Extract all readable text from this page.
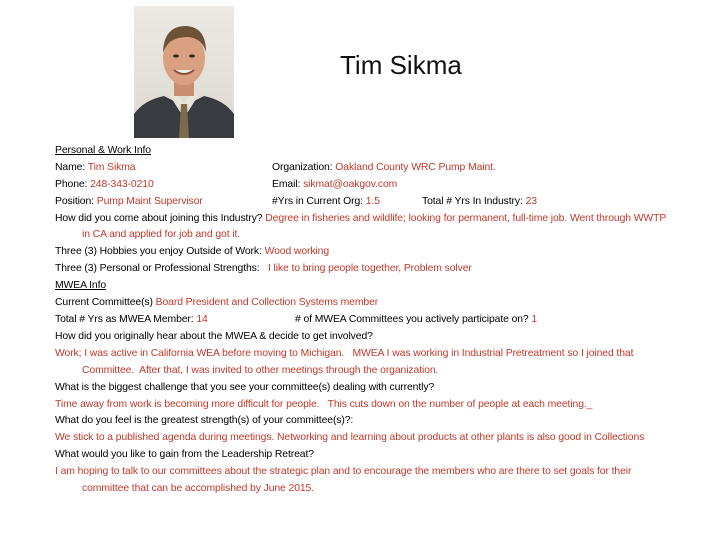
Tim Sikma
Personal & Work Info
Name: Tim Sikma	Organization: Oakland County WRC Pump Maint.
Phone: 248-343-0210	Email: sikmat@oakgov.com
Position: Pump Maint Supervisor	#Yrs in Current Org: 1.5	Total # Yrs In Industry: 23
How did you come about joining this Industry? Degree in fisheries and wildlife; looking for permanent, full-time job. Went through WWTP in CA and applied for job and got it.
Three (3) Hobbies you enjoy Outside of Work: Wood working
Three (3) Personal or Professional Strengths:   I like to bring people together, Problem solver
MWEA Info
Current Committee(s) Board President and Collection Systems member
Total # Yrs as MWEA Member: 14	# of MWEA Committees you actively participate on? 1
How did you originally hear about the MWEA & decide to get involved?
Work; I was active in California WEA before moving to Michigan.   MWEA I was working in Industrial Pretreatment so I joined that Committee.  After that, I was invited to other meetings through the organization.
What is the biggest challenge that you see your committee(s) dealing with currently?
Time away from work is becoming more difficult for people.   This cuts down on the number of people at each meeting._
What do you feel is the greatest strength(s) of your committee(s)?:
We stick to a published agenda during meetings. Networking and learning about products at other plants is also good in Collections
What would you like to gain from the Leadership Retreat?
I am hoping to talk to our committees about the strategic plan and to encourage the members who are there to set goals for their committee that can be accomplished by June 2015.
